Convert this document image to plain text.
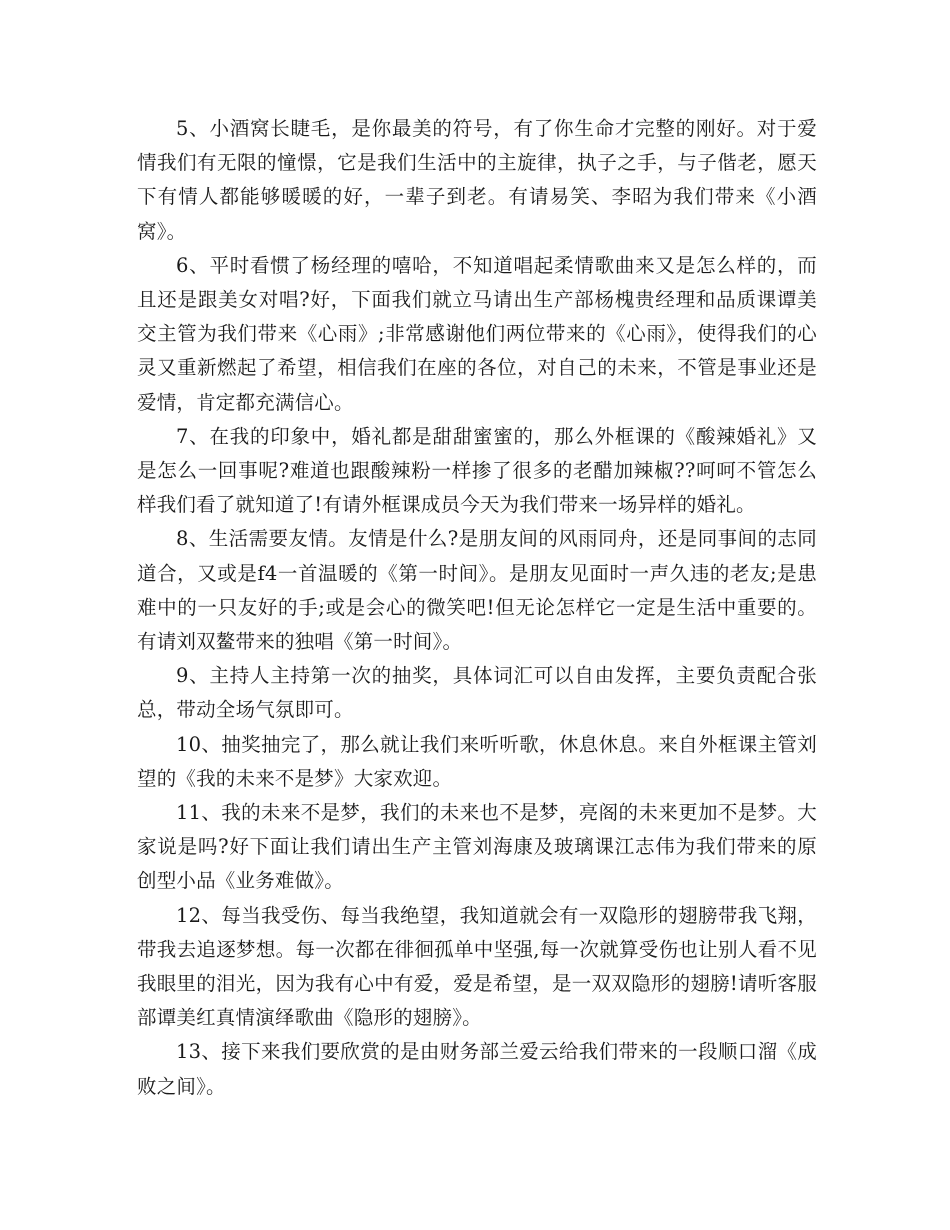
5、小酒窝长睫毛，是你最美的符号，有了你生命才完整的刚好。对于爱情我们有无限的憧憬，它是我们生活中的主旋律，执子之手，与子偕老，愿天下有情人都能够暖暖的好，一辈子到老。有请易笑、李昭为我们带来《小酒窝》。

6、平时看惯了杨经理的嘻哈，不知道唱起柔情歌曲来又是怎么样的，而且还是跟美女对唱?好，下面我们就立马请出生产部杨槐贵经理和品质课谭美交主管为我们带来《心雨》;非常感谢他们两位带来的《心雨》，使得我们的心灵又重新燃起了希望，相信我们在座的各位，对自己的未来，不管是事业还是爱情，肯定都充满信心。

7、在我的印象中，婚礼都是甜甜蜜蜜的，那么外框课的《酸辣婚礼》又是怎么一回事呢?难道也跟酸辣粉一样掺了很多的老醋加辣椒??呵呵不管怎么样我们看了就知道了!有请外框课成员今天为我们带来一场异样的婚礼。

8、生活需要友情。友情是什么?是朋友间的风雨同舟，还是同事间的志同道合，又或是f4一首温暖的《第一时间》。是朋友见面时一声久违的老友;是患难中的一只友好的手;或是会心的微笑吧!但无论怎样它一定是生活中重要的。有请刘双鳌带来的独唱《第一时间》。

9、主持人主持第一次的抽奖，具体词汇可以自由发挥，主要负责配合张总，带动全场气氛即可。

10、抽奖抽完了，那么就让我们来听听歌，休息休息。来自外框课主管刘望的《我的未来不是梦》大家欢迎。

11、我的未来不是梦，我们的未来也不是梦，亮阁的未来更加不是梦。大家说是吗?好下面让我们请出生产主管刘海康及玻璃课江志伟为我们带来的原创型小品《业务难做》。

12、每当我受伤、每当我绝望，我知道就会有一双隐形的翅膀带我飞翔，带我去追逐梦想。每一次都在徘徊孤单中坚强,每一次就算受伤也让别人看不见我眼里的泪光，因为我有心中有爱，爱是希望，是一双双隐形的翅膀!请听客服部谭美红真情演绎歌曲《隐形的翅膀》。

13、接下来我们要欣赏的是由财务部兰爱云给我们带来的一段顺口溜《成败之间》。
